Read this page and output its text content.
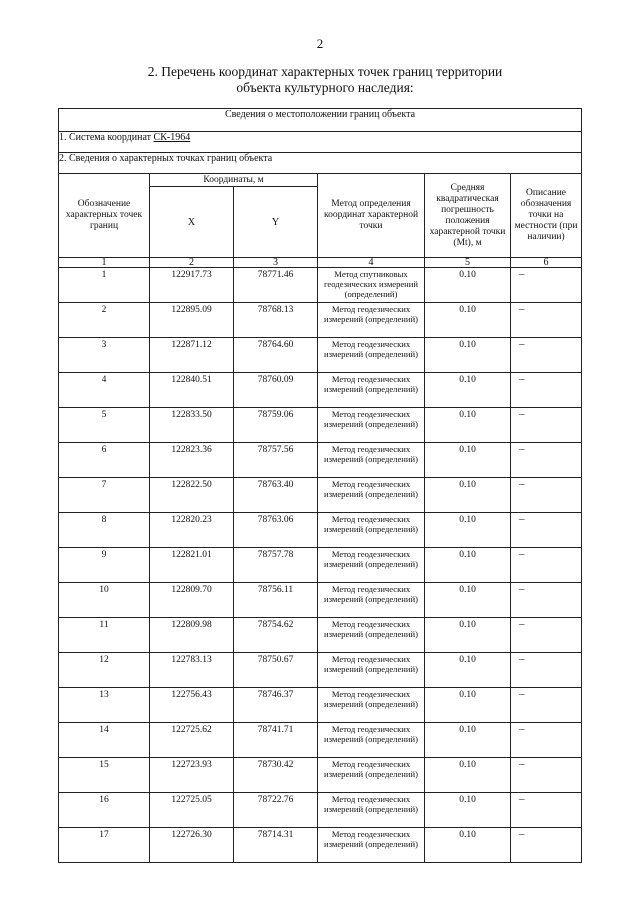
2
2. Перечень координат характерных точек границ территории
объекта культурного наследия:
Сведения о местоположении границ объекта					
1. Система координат СК-1964					
2. Сведения о характерных точках границ объекта					
Обозначение характерных точек границ	Координаты, м		Метод определения координат характерной точки	Средняя квадратическая погрешность положения характерной точки (Mt), м	Описание обозначения точки на местности (при наличии)
	X	Y			
1	2	3	4	5	6
1	122917.73	78771.46	Метод спутниковых геодезических измерений (определений)	0.10	–
2	122895.09	78768.13	Метод геодезических измерений (определений)	0.10	–
3	122871.12	78764.60	Метод геодезических измерений (определений)	0.10	–
4	122840.51	78760.09	Метод геодезических измерений (определений)	0.10	–
5	122833.50	78759.06	Метод геодезических измерений (определений)	0.10	–
6	122823.36	78757.56	Метод геодезических измерений (определений)	0.10	–
7	122822.50	78763.40	Метод геодезических измерений (определений)	0.10	–
8	122820.23	78763.06	Метод геодезических измерений (определений)	0.10	–
9	122821.01	78757.78	Метод геодезических измерений (определений)	0.10	–
10	122809.70	78756.11	Метод геодезических измерений (определений)	0.10	–
11	122809.98	78754.62	Метод геодезических измерений (определений)	0.10	–
12	122783.13	78750.67	Метод геодезических измерений (определений)	0.10	–
13	122756.43	78746.37	Метод геодезических измерений (определений)	0.10	–
14	122725.62	78741.71	Метод геодезических измерений (определений)	0.10	–
15	122723.93	78730.42	Метод геодезических измерений (определений)	0.10	–
16	122725.05	78722.76	Метод геодезических измерений (определений)	0.10	–
17	122726.30	78714.31	Метод геодезических измерений (определений)	0.10	–
